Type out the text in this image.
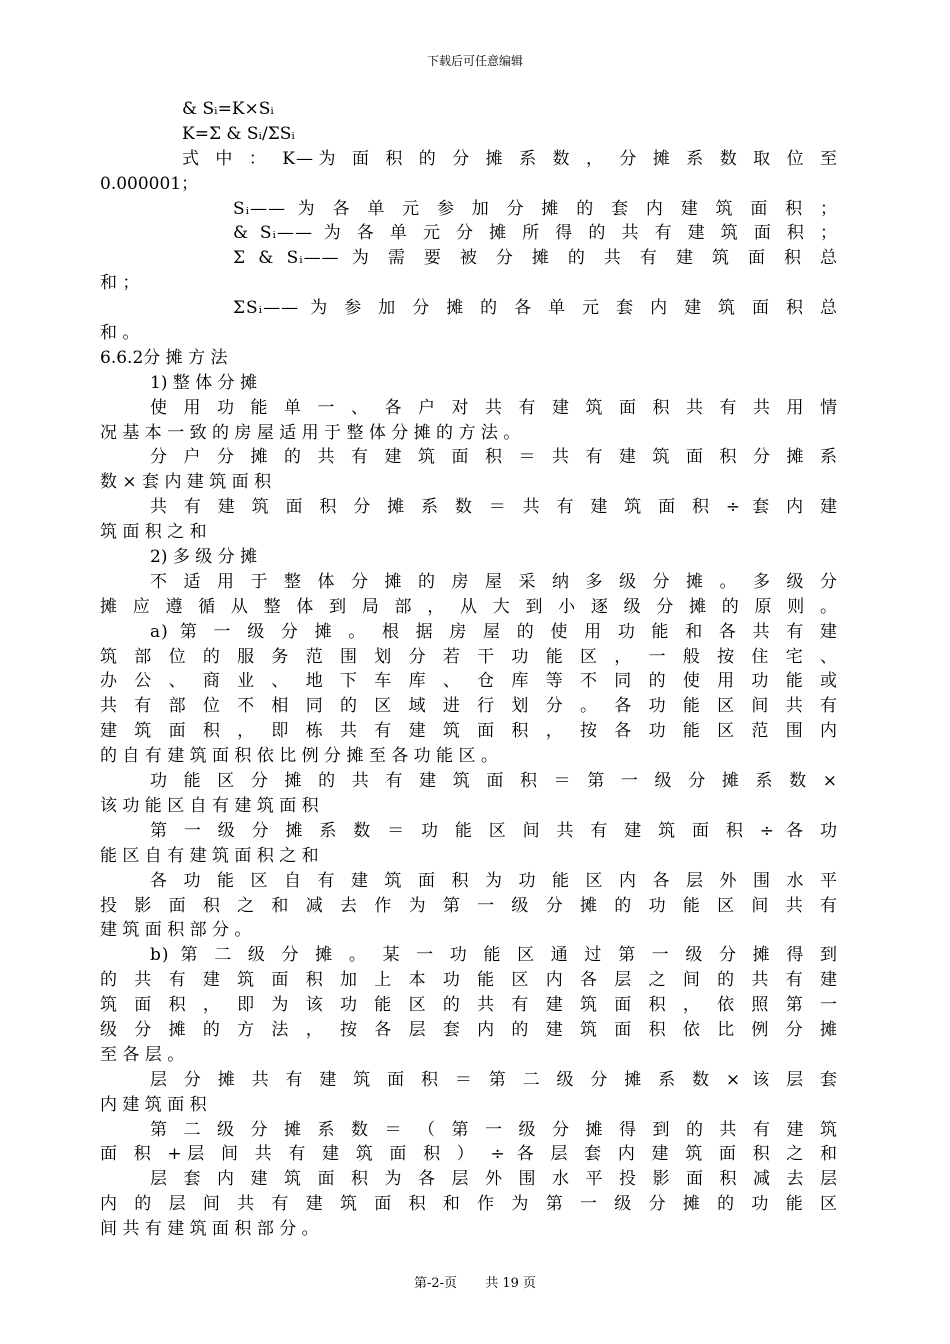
下载后可任意编辑
& Sᵢ=K×Sᵢ
K=Σ & Sᵢ/ΣSᵢ
式 中 ： K—为 面 积 的 分 摊 系 数 ， 分 摊 系 数 取 位 至
0.000001；
Sᵢ—— 为 各 单 元 参 加 分 摊 的 套 内 建 筑 面 积 ；
& Sᵢ—— 为 各 单 元 分 摊 所 得 的 共 有 建 筑 面 积 ；
Σ & Sᵢ—— 为 需 要 被 分 摊 的 共 有 建 筑 面 积 总
和 ；
ΣSᵢ—— 为 参 加 分 摊 的 各 单 元 套 内 建 筑 面 积 总
和 。
6.6.2分 摊 方 法
1) 整 体 分 摊
使 用 功 能 单 一 、 各 户 对 共 有 建 筑 面 积 共 有 共 用 情
况 基 本 一 致 的 房 屋 适 用 于 整 体 分 摊 的 方 法 。
分 户 分 摊 的 共 有 建 筑 面 积 ＝ 共 有 建 筑 面 积 分 摊 系
数 × 套 内 建 筑 面 积
共 有 建 筑 面 积 分 摊 系 数 ＝ 共 有 建 筑 面 积 ÷ 套 内 建
筑 面 积 之 和
2) 多 级 分 摊
不 适 用 于 整 体 分 摊 的 房 屋 采 纳 多 级 分 摊 。 多 级 分
摊 应 遵 循 从 整 体 到 局 部 ， 从 大 到 小 逐 级 分 摊 的 原 则 。
a) 第 一 级 分 摊 。 根 据 房 屋 的 使 用 功 能 和 各 共 有 建
筑 部 位 的 服 务 范 围 划 分 若 干 功 能 区 ， 一 般 按 住 宅 、
办 公 、 商 业 、 地 下 车 库 、 仓 库 等 不 同 的 使 用 功 能 或
共 有 部 位 不 相 同 的 区 域 进 行 划 分 。 各 功 能 区 间 共 有
建 筑 面 积 ， 即 栋 共 有 建 筑 面 积 ， 按 各 功 能 区 范 围 内
的 自 有 建 筑 面 积 依 比 例 分 摊 至 各 功 能 区 。
功 能 区 分 摊 的 共 有 建 筑 面 积 ＝ 第 一 级 分 摊 系 数 ×
该 功 能 区 自 有 建 筑 面 积
第 一 级 分 摊 系 数 ＝ 功 能 区 间 共 有 建 筑 面 积 ÷ 各 功
能 区 自 有 建 筑 面 积 之 和
各 功 能 区 自 有 建 筑 面 积 为 功 能 区 内 各 层 外 围 水 平
投 影 面 积 之 和 减 去 作 为 第 一 级 分 摊 的 功 能 区 间 共 有
建 筑 面 积 部 分 。
b) 第 二 级 分 摊 。 某 一 功 能 区 通 过 第 一 级 分 摊 得 到
的 共 有 建 筑 面 积 加 上 本 功 能 区 内 各 层 之 间 的 共 有 建
筑 面 积 ， 即 为 该 功 能 区 的 共 有 建 筑 面 积 ， 依 照 第 一
级 分 摊 的 方 法 ， 按 各 层 套 内 的 建 筑 面 积 依 比 例 分 摊
至 各 层 。
层 分 摊 共 有 建 筑 面 积 ＝ 第 二 级 分 摊 系 数 × 该 层 套
内 建 筑 面 积
第 二 级 分 摊 系 数 ＝ （ 第 一 级 分 摊 得 到 的 共 有 建 筑
面 积 +层 间 共 有 建 筑 面 积 ） ÷ 各 层 套 内 建 筑 面 积 之 和
层 套 内 建 筑 面 积 为 各 层 外 围 水 平 投 影 面 积 减 去 层
内 的 层 间 共 有 建 筑 面 积 和 作 为 第 一 级 分 摊 的 功 能 区
间 共 有 建 筑 面 积 部 分 。
第-2-页 共 19 页
